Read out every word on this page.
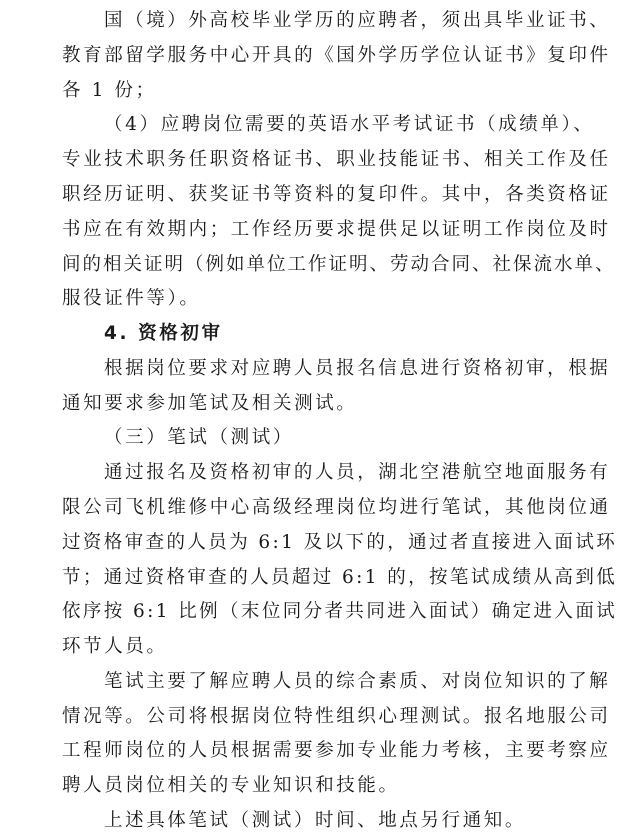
国（境）外高校毕业学历的应聘者，须出具毕业证书、
教育部留学服务中心开具的《国外学历学位认证书》复印件
各 1 份；
（4）应聘岗位需要的英语水平考试证书（成绩单）、
专业技术职务任职资格证书、职业技能证书、相关工作及任
职经历证明、获奖证书等资料的复印件。其中，各类资格证
书应在有效期内；工作经历要求提供足以证明工作岗位及时
间的相关证明（例如单位工作证明、劳动合同、社保流水单、
服役证件等）。
4. 资格初审
根据岗位要求对应聘人员报名信息进行资格初审，根据
通知要求参加笔试及相关测试。
（三）笔试（测试）
通过报名及资格初审的人员，湖北空港航空地面服务有
限公司飞机维修中心高级经理岗位均进行笔试，其他岗位通
过资格审查的人员为 6:1 及以下的，通过者直接进入面试环
节；通过资格审查的人员超过 6:1 的，按笔试成绩从高到低
依序按 6:1 比例（末位同分者共同进入面试）确定进入面试
环节人员。
笔试主要了解应聘人员的综合素质、对岗位知识的了解
情况等。公司将根据岗位特性组织心理测试。报名地服公司
工程师岗位的人员根据需要参加专业能力考核，主要考察应
聘人员岗位相关的专业知识和技能。
上述具体笔试（测试）时间、地点另行通知。
